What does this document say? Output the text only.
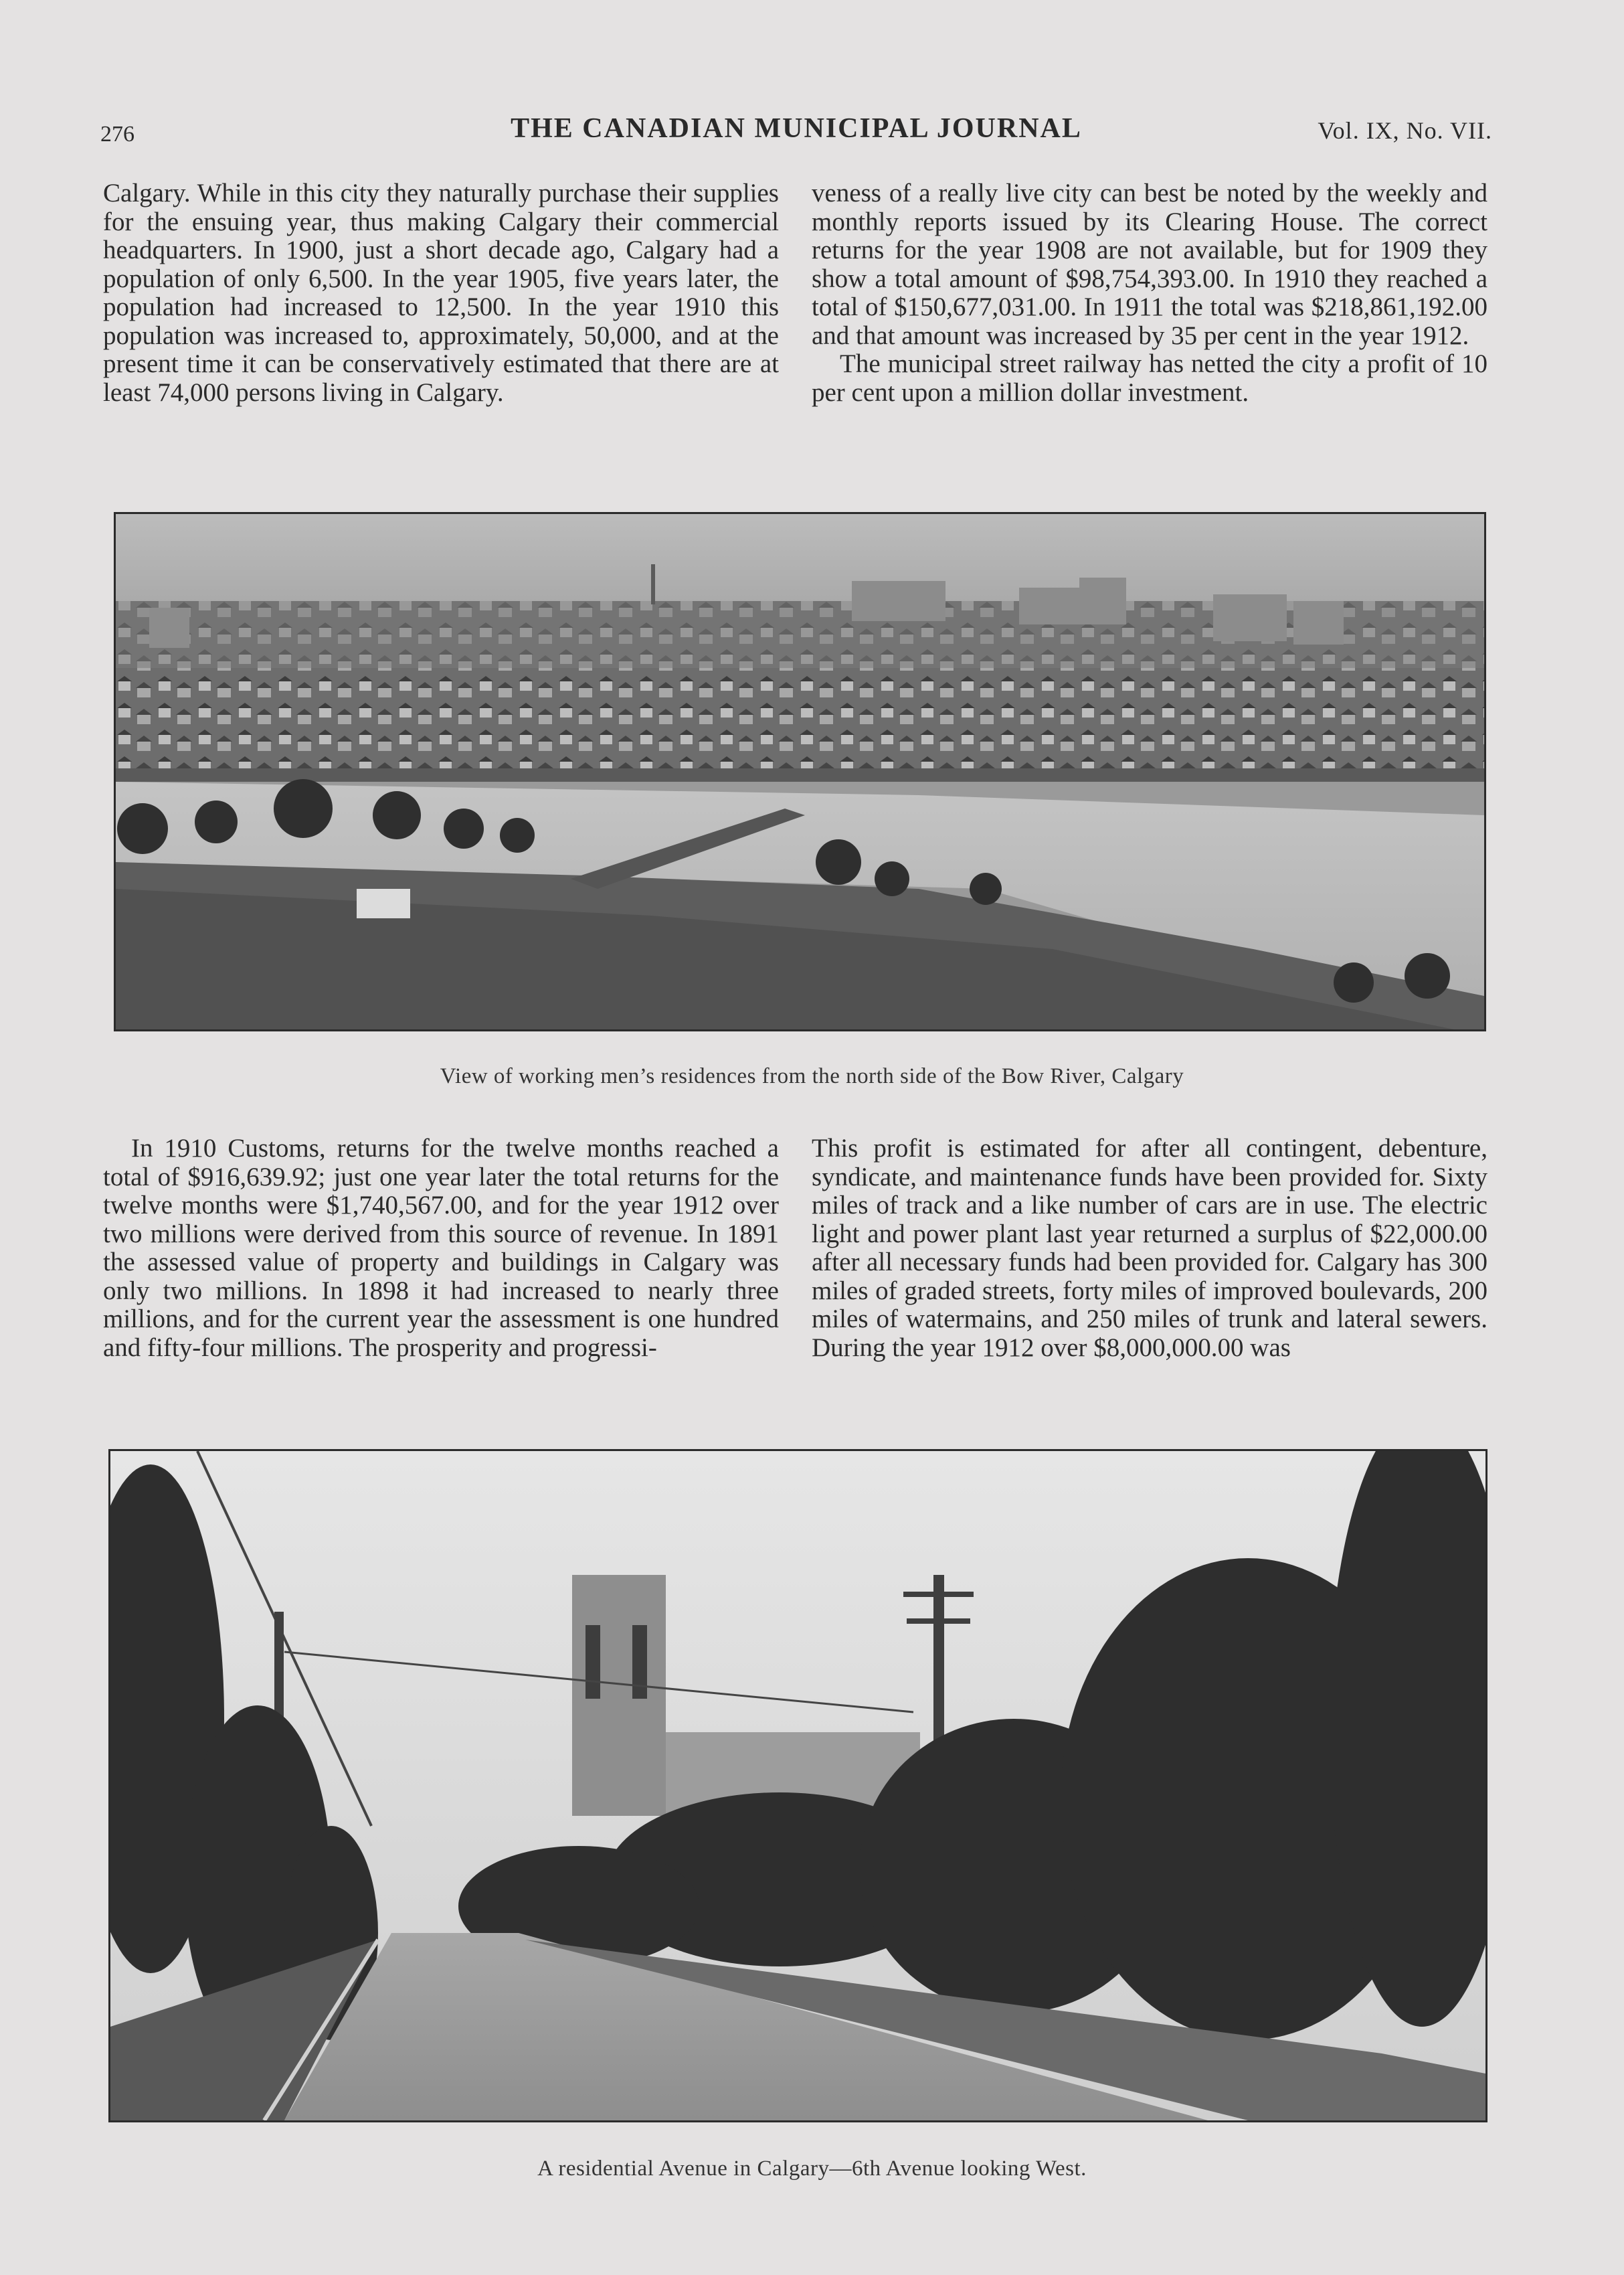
276	THE CANADIAN MUNICIPAL JOURNAL	Vol. IX, No. VII.

Calgary. While in this city they naturally purchase their supplies for the ensuing year, thus making Calgary their commercial headquarters. In 1900, just a short decade ago, Calgary had a population of only 6,500. In the year 1905, five years later, the population had increased to 12,500. In the year 1910 this population was increased to, approximately, 50,000, and at the present time it can be conservatively estimated that there are at least 74,000 persons living in Calgary.

veness of a really live city can best be noted by the weekly and monthly reports issued by its Clearing House. The correct returns for the year 1908 are not available, but for 1909 they show a total amount of $98,754,393.00. In 1910 they reached a total of $150,677,031.00. In 1911 the total was $218,861,192.00 and that amount was increased by 35 per cent in the year 1912.

The municipal street railway has netted the city a profit of 10 per cent upon a million dollar investment.

View of working men’s residences from the north side of the Bow River, Calgary

In 1910 Customs, returns for the twelve months reached a total of $916,639.92; just one year later the total returns for the twelve months were $1,740,567.00, and for the year 1912 over two millions were derived from this source of revenue. In 1891 the assessed value of property and buildings in Calgary was only two millions. In 1898 it had increased to nearly three millions, and for the current year the assessment is one hundred and fifty-four millions. The prosperity and progressi-

This profit is estimated for after all contingent, debenture, syndicate, and maintenance funds have been provided for. Sixty miles of track and a like number of cars are in use. The electric light and power plant last year returned a surplus of $22,000.00 after all necessary funds had been provided for. Calgary has 300 miles of graded streets, forty miles of improved boulevards, 200 miles of watermains, and 250 miles of trunk and lateral sewers. During the year 1912 over $8,000,000.00 was

A residential Avenue in Calgary—6th Avenue looking West.
